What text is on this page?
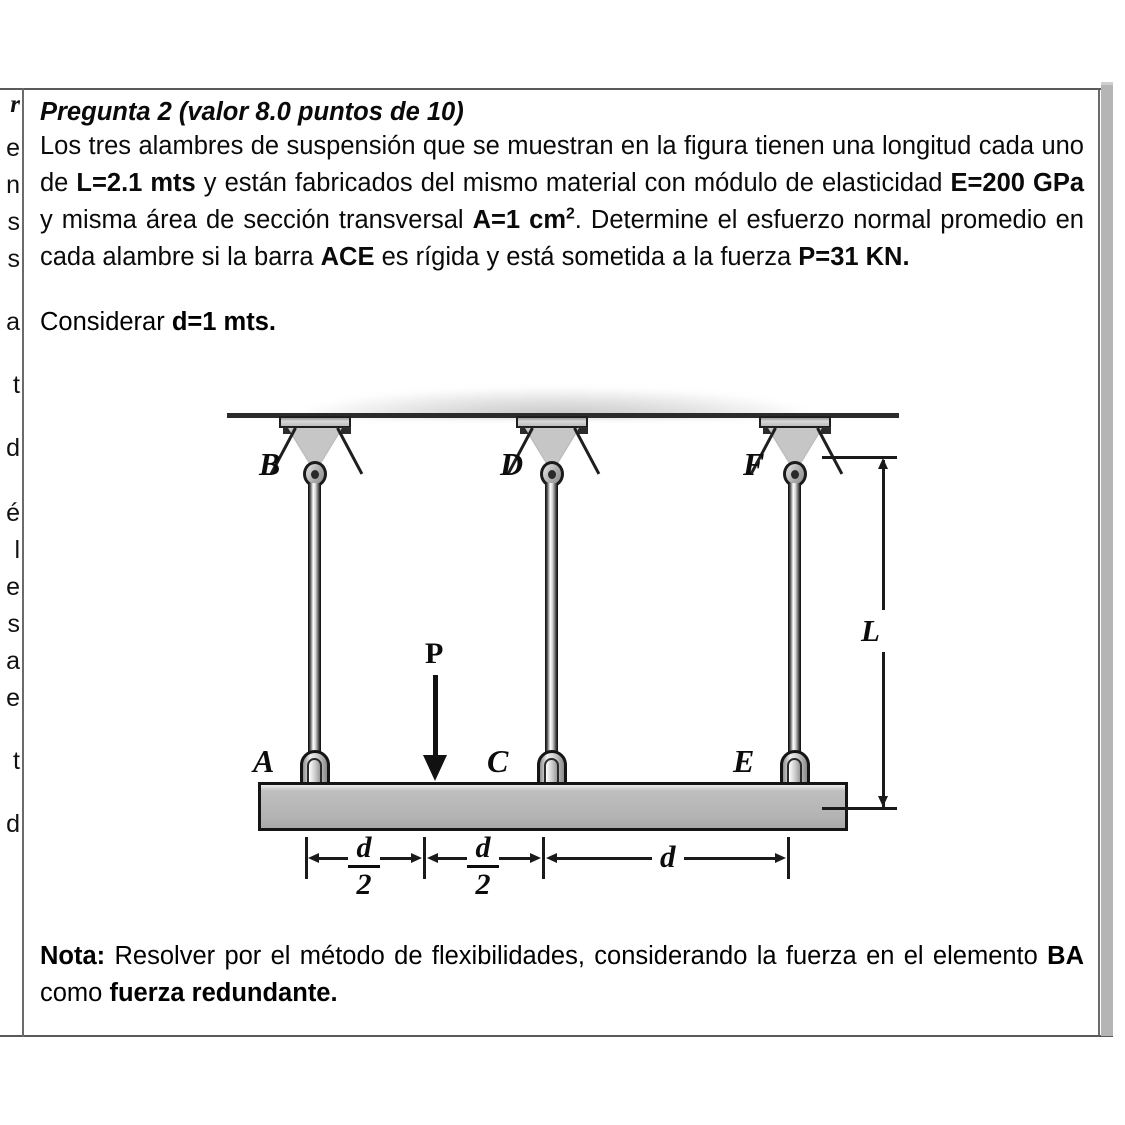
r
e
n
s
s
a
t
d
é
l
e
s
a
e
t
d
Pregunta 2 (valor 8.0 puntos de 10)
Los tres alambres de suspensión que se muestran en la figura tienen una longitud cada uno de L=2.1 mts y están fabricados del mismo material con módulo de elasticidad E=200 GPa y misma área de sección transversal A=1 $cm^2$. Determine el esfuerzo normal promedio en cada alambre si la barra ACE es rígida y está sometida a la fuerza P=31 KN.
Considerar d=1 mts.
B
A
D
C
F
E
P
L
d
2
d
2
d
Nota: Resolver por el método de flexibilidades, considerando la fuerza en el elemento BA como fuerza redundante.
